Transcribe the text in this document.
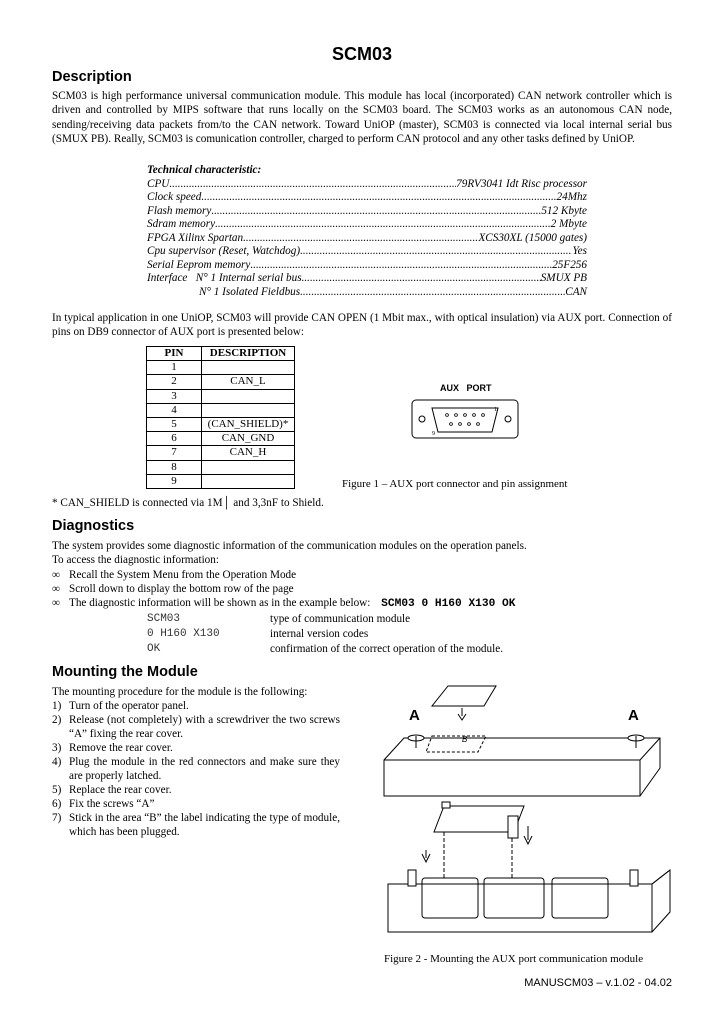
SCM03
Description
SCM03 is high performance universal communication module. This module has local (incorporated) CAN network controller which is driven and controlled by MIPS software that runs locally on the SCM03 board. The SCM03 works as an autonomous CAN node, sending/receiving data packets from/to the CAN network. Toward UniOP (master), SCM03 is connected via local internal serial bus (SMUX PB). Really, SCM03 is comunication controller, charged to perform CAN protocol and any other tasks defined by UniOP.
Technical characteristic:
CPU .....	79RV3041 Idt Risc processor
Clock speed .....	24Mhz
Flash memory .....	512 Kbyte
Sdram memory .....	2 Mbyte
FPGA Xilinx Spartan .....	XCS30XL (15000 gates)
Cpu supervisor (Reset, Watchdog) .....	Yes
Serial Eeprom memory .....	25F256
Interface   N° 1 Internal serial bus .....	SMUX PB
N° 1 Isolated Fieldbus .....	CAN
In typical application in one UniOP, SCM03 will provide CAN OPEN (1 Mbit max., with optical insulation) via AUX port. Connection of pins on DB9 connector of AUX port is presented below:
PIN	DESCRIPTION
1	
2	CAN_L
3	
4	
5	(CAN_SHIELD)*
6	CAN_GND
7	CAN_H
8	
9	
AUX   PORT
1
9
Figure 1 – AUX port connector and pin assignment
* CAN_SHIELD is connected via 1M│ and 3,3nF to Shield.
Diagnostics
The system provides some diagnostic information of the communication modules on the operation panels.
To access the diagnostic information:
∞ Recall the System Menu from the Operation Mode
∞ Scroll down to display the bottom row of the page
∞ The diagnostic information will be shown as in the example below: SCM03 0 H160 X130 OK
SCM03	type of communication module
0 H160 X130	internal version codes
OK	confirmation of the correct operation of the module.
Mounting the Module
The mounting procedure for the module is the following:
1) Turn of the operator panel.
2) Release (not completely) with a screwdriver the two screws “A” fixing the rear cover.
3) Remove the rear cover.
4) Plug the module in the red connectors and make sure they are properly latched.
5) Replace the rear cover.
6) Fix the screws “A”
7) Stick in the area “B” the label indicating the type of module, which has been plugged.
A	A
B
Figure 2 - Mounting the AUX port communication module
MANUSCM03 – v.1.02 - 04.02
